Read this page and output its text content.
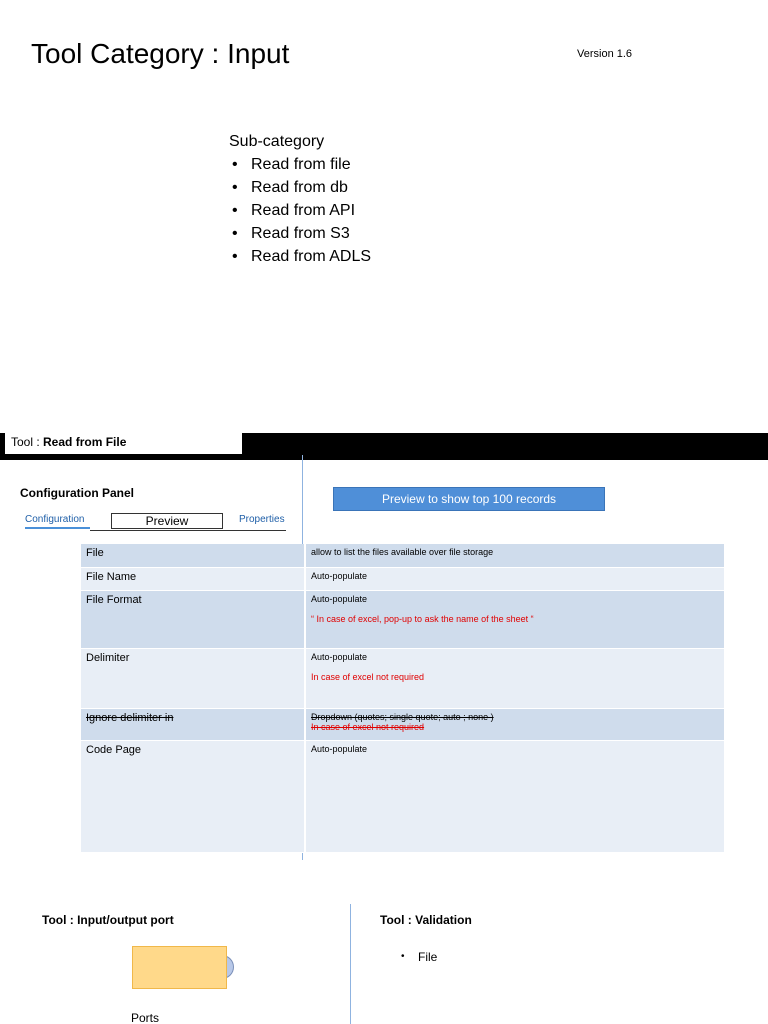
Tool Category : Input	Version 1.6
Sub-category
• Read from file
• Read from db
• Read from API
• Read from S3
• Read from ADLS
Tool : Read from File
Configuration Panel
Configuration	Preview	Properties
Preview to show top 100 records
File	allow to list the files available over file storage
File Name	Auto-populate
File Format	Auto-populate
“ In case of excel, pop-up to ask the name of the sheet “

Delimiter	Auto-populate
In case of excel not required

Ignore delimiter in	Dropdown (quotes; single quote; auto ; none )
In case of excel not required

Code Page	Auto-populate
Tool : Input/output port
Ports
Tool : Validation
• File
